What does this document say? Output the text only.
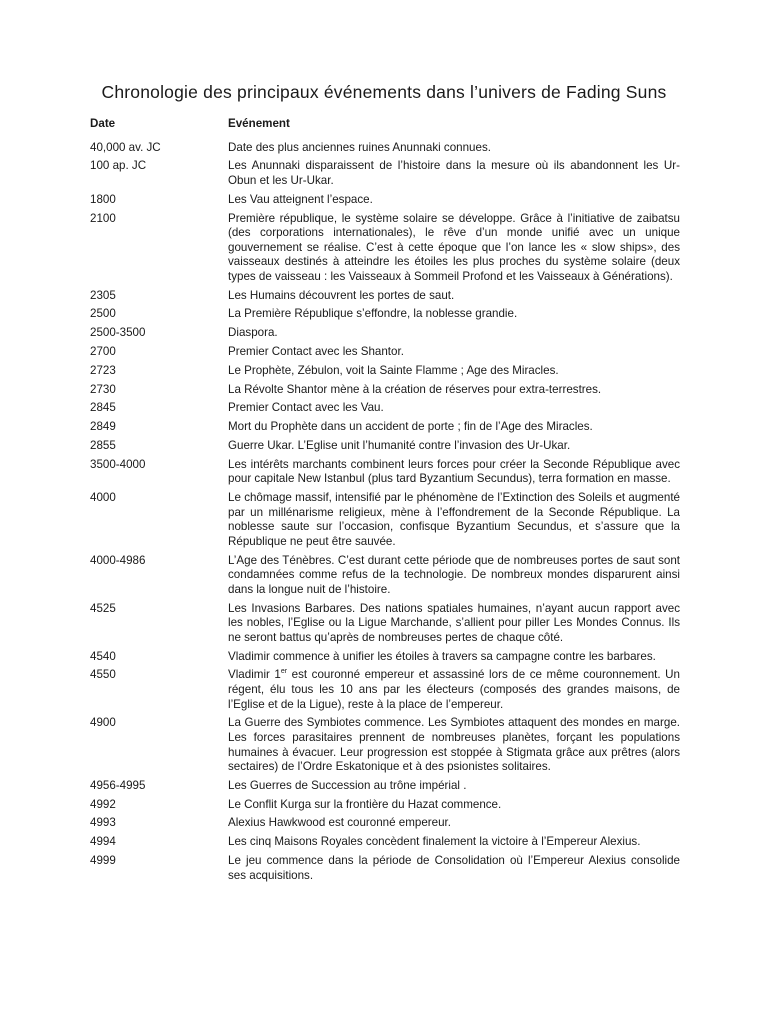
Chronologie des principaux événements dans l’univers de Fading Suns
Date	Evénement
40,000 av. JC	Date des plus anciennes ruines Anunnaki connues.
100 ap. JC	Les Anunnaki disparaissent de l’histoire dans la mesure où ils abandonnent les Ur-Obun et les Ur-Ukar.
1800	Les Vau atteignent l’espace.
2100	Première république, le système solaire se développe. Grâce à l’initiative de zaibatsu (des corporations internationales), le rêve d’un monde unifié avec un unique gouvernement se réalise. C’est à cette époque que l’on lance les « slow ships», des vaisseaux destinés à atteindre les étoiles les plus proches du système solaire (deux types de vaisseau : les Vaisseaux à Sommeil Profond et les Vaisseaux à Générations).
2305	Les Humains découvrent les portes de saut.
2500	La Première République s’effondre, la noblesse grandie.
2500-3500	Diaspora.
2700	Premier Contact avec les Shantor.
2723	Le Prophète, Zébulon, voit la Sainte Flamme ; Age des Miracles.
2730	La Révolte Shantor mène à la création de réserves pour extra-terrestres.
2845	Premier Contact avec les Vau.
2849	Mort du Prophète dans un accident de porte ; fin de l’Age des Miracles.
2855	Guerre Ukar. L’Eglise unit l’humanité contre l’invasion des Ur-Ukar.
3500-4000	Les intérêts marchants combinent leurs forces pour créer la Seconde République avec pour capitale New Istanbul (plus tard Byzantium Secundus), terra formation en masse.
4000	Le chômage massif, intensifié par le phénomène de l’Extinction des Soleils et augmenté par un millénarisme religieux, mène à l’effondrement de la Seconde République. La noblesse saute sur l’occasion, confisque Byzantium Secundus, et s’assure que la République ne peut être sauvée.
4000-4986	L’Age des Ténèbres. C’est durant cette période que de nombreuses portes de saut sont condamnées comme refus de la technologie. De nombreux mondes disparurent ainsi dans la longue nuit de l’histoire.
4525	Les Invasions Barbares. Des nations spatiales humaines, n’ayant aucun rapport avec les nobles, l’Eglise ou la Ligue Marchande, s’allient pour piller Les Mondes Connus. Ils ne seront battus qu’après de nombreuses pertes de chaque côté.
4540	Vladimir commence à unifier les étoiles à travers sa campagne contre les barbares.
4550	Vladimir 1er est couronné empereur et assassiné lors de ce même couronnement. Un régent, élu tous les 10 ans par les électeurs (composés des grandes maisons, de l’Eglise et de la Ligue), reste à la place de l’empereur.
4900	La Guerre des Symbiotes commence. Les Symbiotes attaquent des mondes en marge. Les forces parasitaires prennent de nombreuses planètes, forçant les populations humaines à évacuer. Leur progression est stoppée à Stigmata grâce aux prêtres (alors sectaires) de l’Ordre Eskatonique et à des psionistes solitaires.
4956-4995	Les Guerres de Succession au trône impérial .
4992	Le Conflit Kurga sur la frontière du Hazat commence.
4993	Alexius Hawkwood est couronné empereur.
4994	Les cinq Maisons Royales concèdent finalement la victoire à l’Empereur Alexius.
4999	Le jeu commence dans la période de Consolidation où l’Empereur Alexius consolide ses acquisitions.
